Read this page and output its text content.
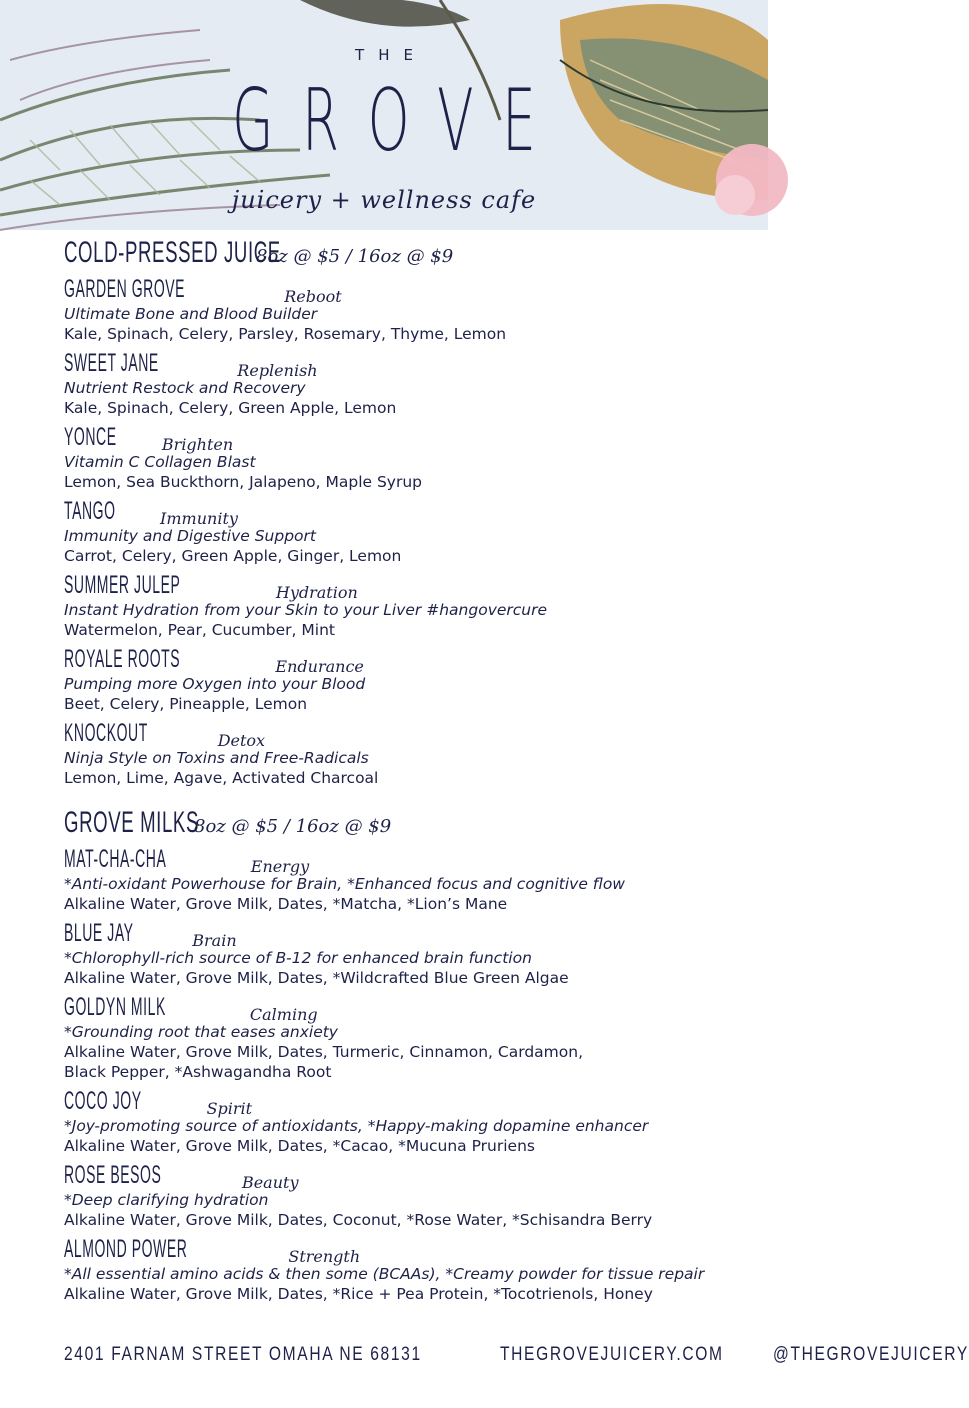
THE
GROVE
juicery + wellness cafe
COLD-PRESSED JUICE
8oz @ $5 / 16oz @ $9
GARDEN GROVE	Reboot
Ultimate Bone and Blood Builder
Kale, Spinach, Celery, Parsley, Rosemary, Thyme, Lemon
SWEET JANE	Replenish
Nutrient Restock and Recovery
Kale, Spinach, Celery, Green Apple, Lemon
YONCE	Brighten
Vitamin C Collagen Blast
Lemon, Sea Buckthorn, Jalapeno, Maple Syrup
TANGO	Immunity
Immunity and Digestive Support
Carrot, Celery, Green Apple, Ginger, Lemon
SUMMER JULEP	Hydration
Instant Hydration from your Skin to your Liver #hangovercure
Watermelon, Pear, Cucumber, Mint
ROYALE ROOTS	Endurance
Pumping more Oxygen into your Blood
Beet, Celery, Pineapple, Lemon
KNOCKOUT	Detox
Ninja Style on Toxins and Free-Radicals
Lemon, Lime, Agave, Activated Charcoal
GROVE MILKS
8oz @ $5 / 16oz @ $9
MAT-CHA-CHA	Energy
*Anti-oxidant Powerhouse for Brain, *Enhanced focus and cognitive flow
Alkaline Water, Grove Milk, Dates, *Matcha, *Lion’s Mane
BLUE JAY	Brain
*Chlorophyll-rich source of B-12 for enhanced brain function
Alkaline Water, Grove Milk, Dates, *Wildcrafted Blue Green Algae
GOLDYN MILK	Calming
*Grounding root that eases anxiety
Alkaline Water, Grove Milk, Dates, Turmeric, Cinnamon, Cardamon, Black Pepper, *Ashwagandha Root
COCO JOY	Spirit
*Joy-promoting source of antioxidants, *Happy-making dopamine enhancer
Alkaline Water, Grove Milk, Dates, *Cacao, *Mucuna Pruriens
ROSE BESOS	Beauty
*Deep clarifying hydration
Alkaline Water, Grove Milk, Dates, Coconut, *Rose Water, *Schisandra Berry
ALMOND POWER	Strength
*All essential amino acids & then some (BCAAs), *Creamy powder for tissue repair
Alkaline Water, Grove Milk, Dates, *Rice + Pea Protein, *Tocotrienols, Honey
2401 FARNAM STREET OMAHA NE 68131	THEGROVEJUICERY.COM	@THEGROVEJUICERY
